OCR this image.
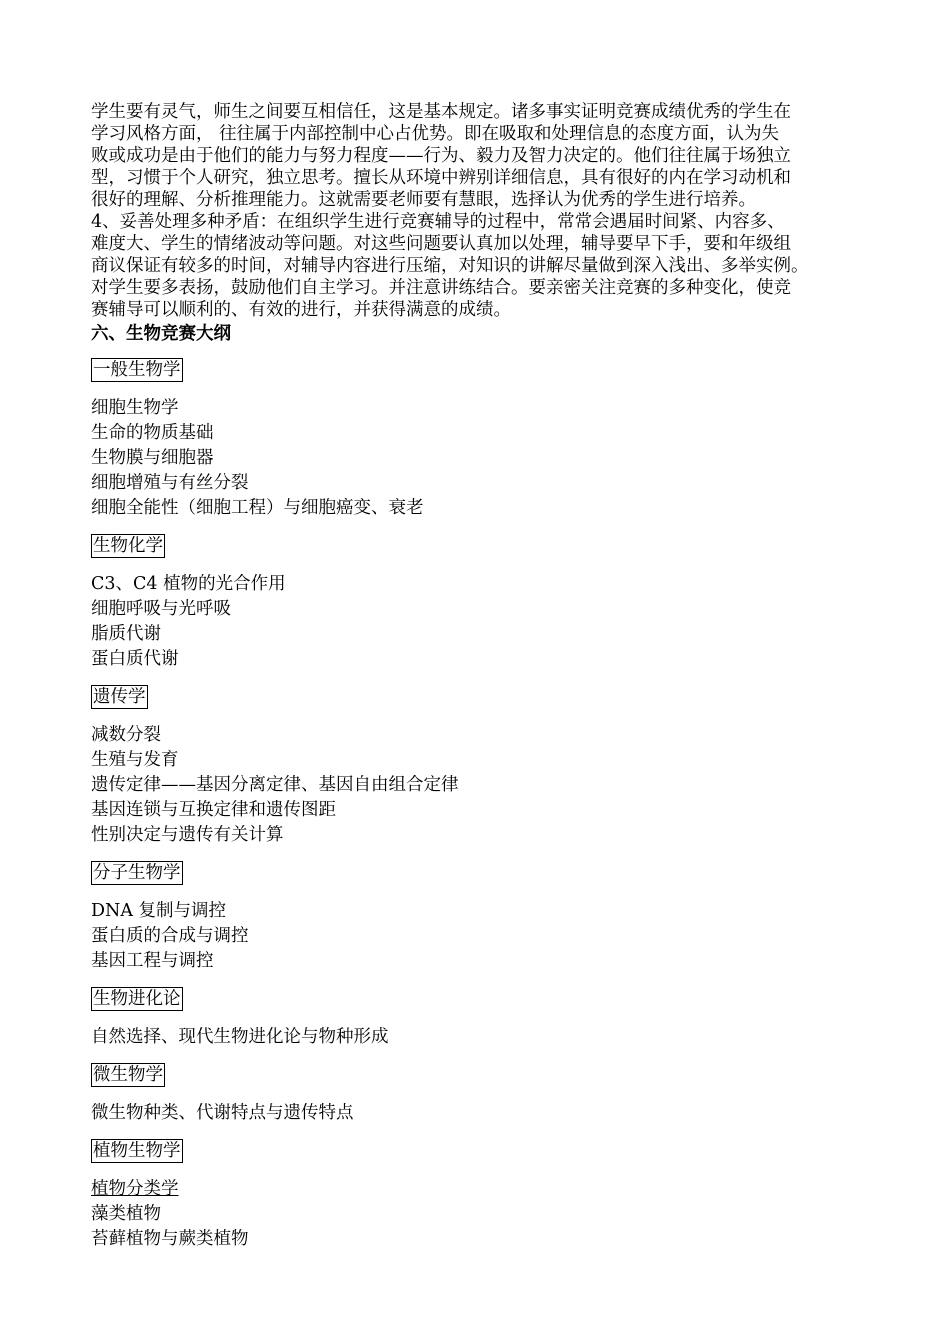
学生要有灵气，师生之间要互相信任，这是基本规定。诸多事实证明竞赛成绩优秀的学生在
学习风格方面， 往往属于内部控制中心占优势。即在吸取和处理信息的态度方面，认为失
败或成功是由于他们的能力与努力程度——行为、毅力及智力决定的。他们往往属于场独立
型，习惯于个人研究，独立思考。擅长从环境中辨别详细信息，具有很好的内在学习动机和
很好的理解、分析推理能力。这就需要老师要有慧眼，选择认为优秀的学生进行培养。
4、妥善处理多种矛盾：在组织学生进行竞赛辅导的过程中，常常会遇届时间紧、内容多、
难度大、学生的情绪波动等问题。对这些问题要认真加以处理，辅导要早下手，要和年级组
商议保证有较多的时间，对辅导内容进行压缩，对知识的讲解尽量做到深入浅出、多举实例。
对学生要多表扬，鼓励他们自主学习。并注意讲练结合。要亲密关注竞赛的多种变化，使竞
赛辅导可以顺利的、有效的进行，并获得满意的成绩。
六、生物竞赛大纲
一般生物学
细胞生物学
生命的物质基础
生物膜与细胞器
细胞增殖与有丝分裂
细胞全能性（细胞工程）与细胞癌变、衰老
生物化学
C3、C4 植物的光合作用
细胞呼吸与光呼吸
脂质代谢
蛋白质代谢
遗传学
减数分裂
生殖与发育
遗传定律——基因分离定律、基因自由组合定律
基因连锁与互换定律和遗传图距
性别决定与遗传有关计算
分子生物学
DNA 复制与调控
蛋白质的合成与调控
基因工程与调控
生物进化论
自然选择、现代生物进化论与物种形成
微生物学
微生物种类、代谢特点与遗传特点
植物生物学
植物分类学
藻类植物
苔藓植物与蕨类植物
